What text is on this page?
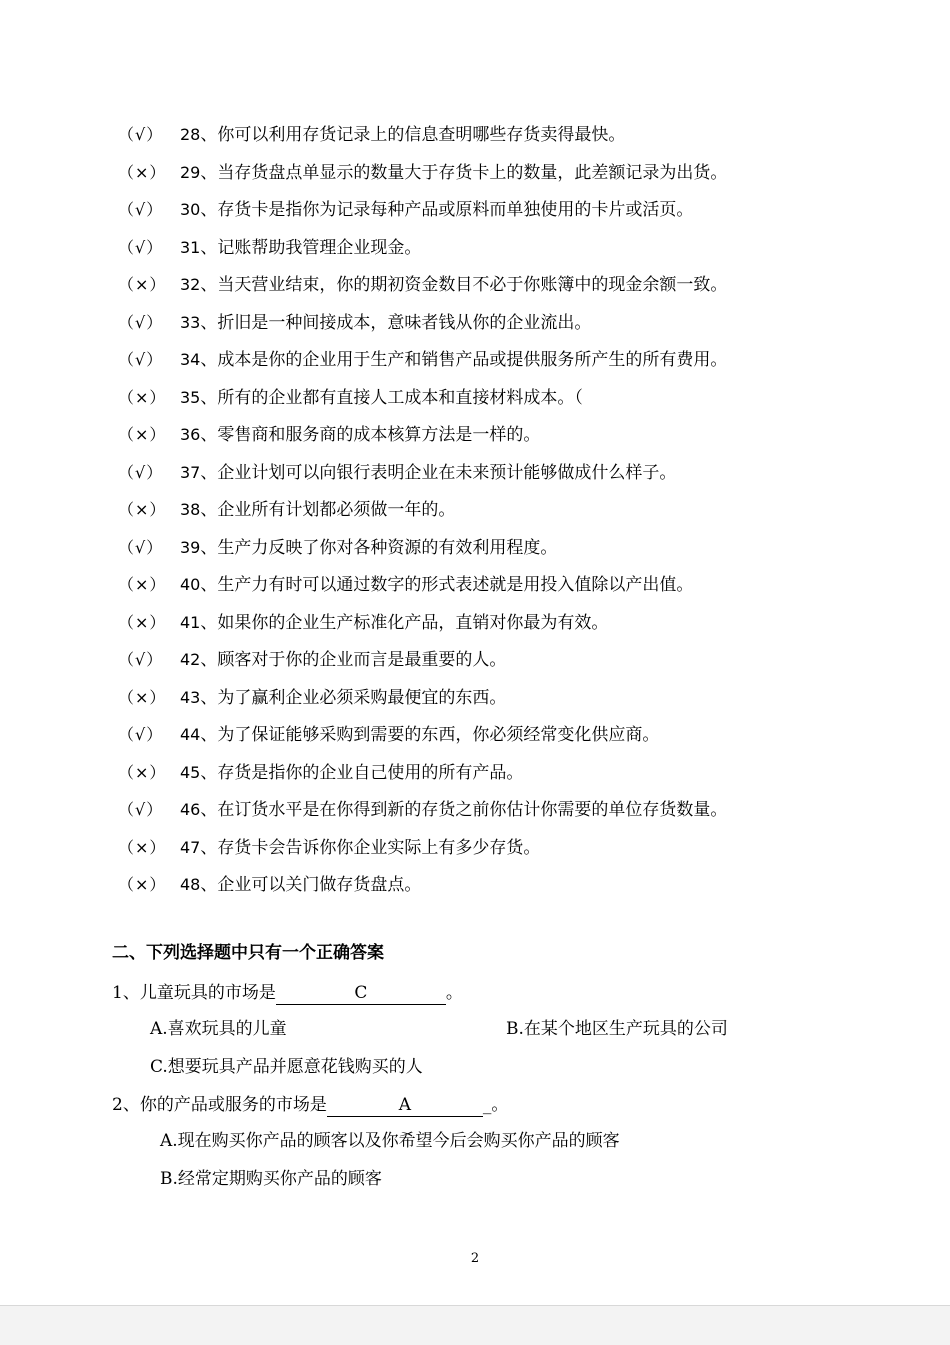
（√） 28、你可以利用存货记录上的信息查明哪些存货卖得最快。
（×） 29、当存货盘点单显示的数量大于存货卡上的数量，此差额记录为出货。
（√） 30、存货卡是指你为记录每种产品或原料而单独使用的卡片或活页。
（√） 31、记账帮助我管理企业现金。
（×） 32、当天营业结束，你的期初资金数目不必于你账簿中的现金余额一致。
（√） 33、折旧是一种间接成本，意味者钱从你的企业流出。
（√） 34、成本是你的企业用于生产和销售产品或提供服务所产生的所有费用。
（×） 35、所有的企业都有直接人工成本和直接材料成本。（
（×） 36、零售商和服务商的成本核算方法是一样的。
（√） 37、企业计划可以向银行表明企业在未来预计能够做成什么样子。
（×） 38、企业所有计划都必须做一年的。
（√） 39、生产力反映了你对各种资源的有效利用程度。
（×） 40、生产力有时可以通过数字的形式表述就是用投入值除以产出值。
（×） 41、如果你的企业生产标准化产品，直销对你最为有效。
（√） 42、顾客对于你的企业而言是最重要的人。
（×） 43、为了赢利企业必须采购最便宜的东西。
（√） 44、为了保证能够采购到需要的东西，你必须经常变化供应商。
（×） 45、存货是指你的企业自己使用的所有产品。
（√） 46、在订货水平是在你得到新的存货之前你估计你需要的单位存货数量。
（×） 47、存货卡会告诉你你企业实际上有多少存货。
（×） 48、企业可以关门做存货盘点。
二、下列选择题中只有一个正确答案
1、儿童玩具的市场是	C	。
A.喜欢玩具的儿童	B.在某个地区生产玩具的公司
C.想要玩具产品并愿意花钱购买的人
2、你的产品或服务的市场是	A	_。
A.现在购买你产品的顾客以及你希望今后会购买你产品的顾客
B.经常定期购买你产品的顾客
2
